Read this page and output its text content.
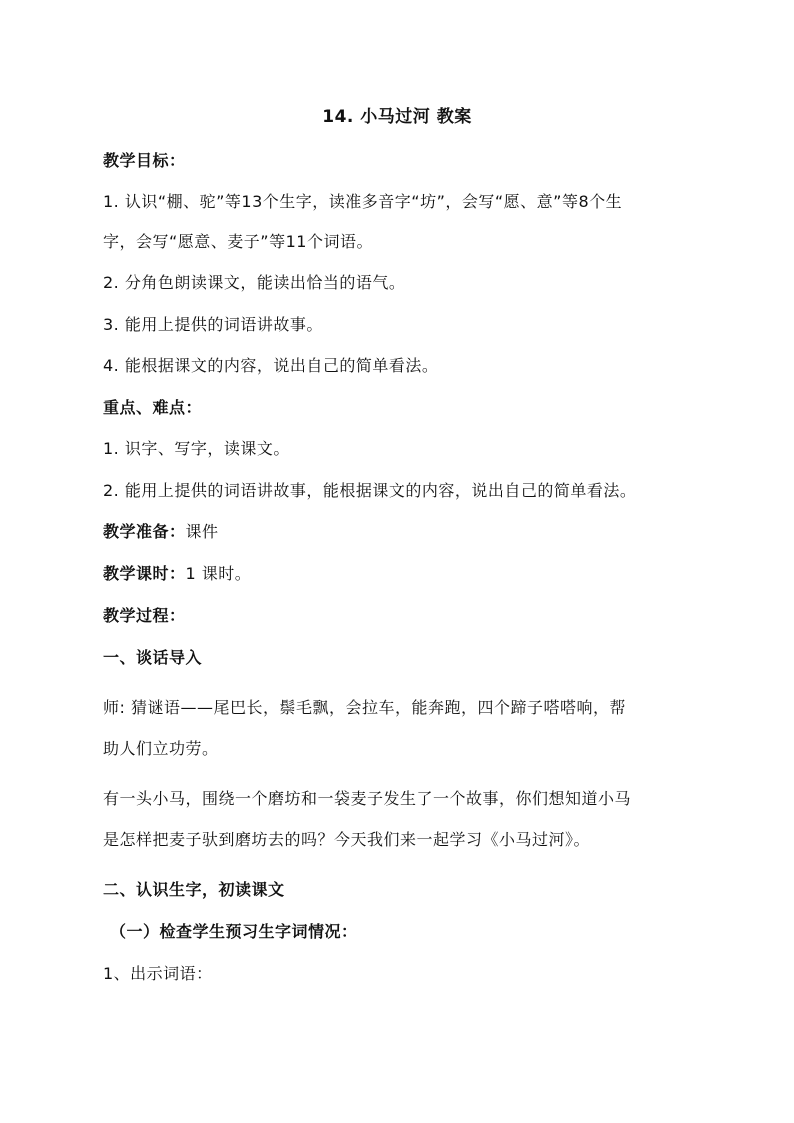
14. 小马过河 教案
教学目标：
1. 认识“棚、驼”等13个生字，读准多音字“坊”，会写“愿、意”等8个生
字，会写“愿意、麦子”等11个词语。
2. 分角色朗读课文，能读出恰当的语气。
3. 能用上提供的词语讲故事。
4. 能根据课文的内容，说出自己的简单看法。
重点、难点：
1. 识字、写字，读课文。
2. 能用上提供的词语讲故事，能根据课文的内容，说出自己的简单看法。
教学准备：课件
教学课时：1 课时。
教学过程：
一、谈话导入
师: 猜谜语——尾巴长，鬃毛飘，会拉车，能奔跑，四个蹄子嗒嗒响，帮
助人们立功劳。
有一头小马，围绕一个磨坊和一袋麦子发生了一个故事，你们想知道小马
是怎样把麦子驮到磨坊去的吗？今天我们来一起学习《小马过河》。
二、认识生字，初读课文
（一）检查学生预习生字词情况：
1、出示词语：
